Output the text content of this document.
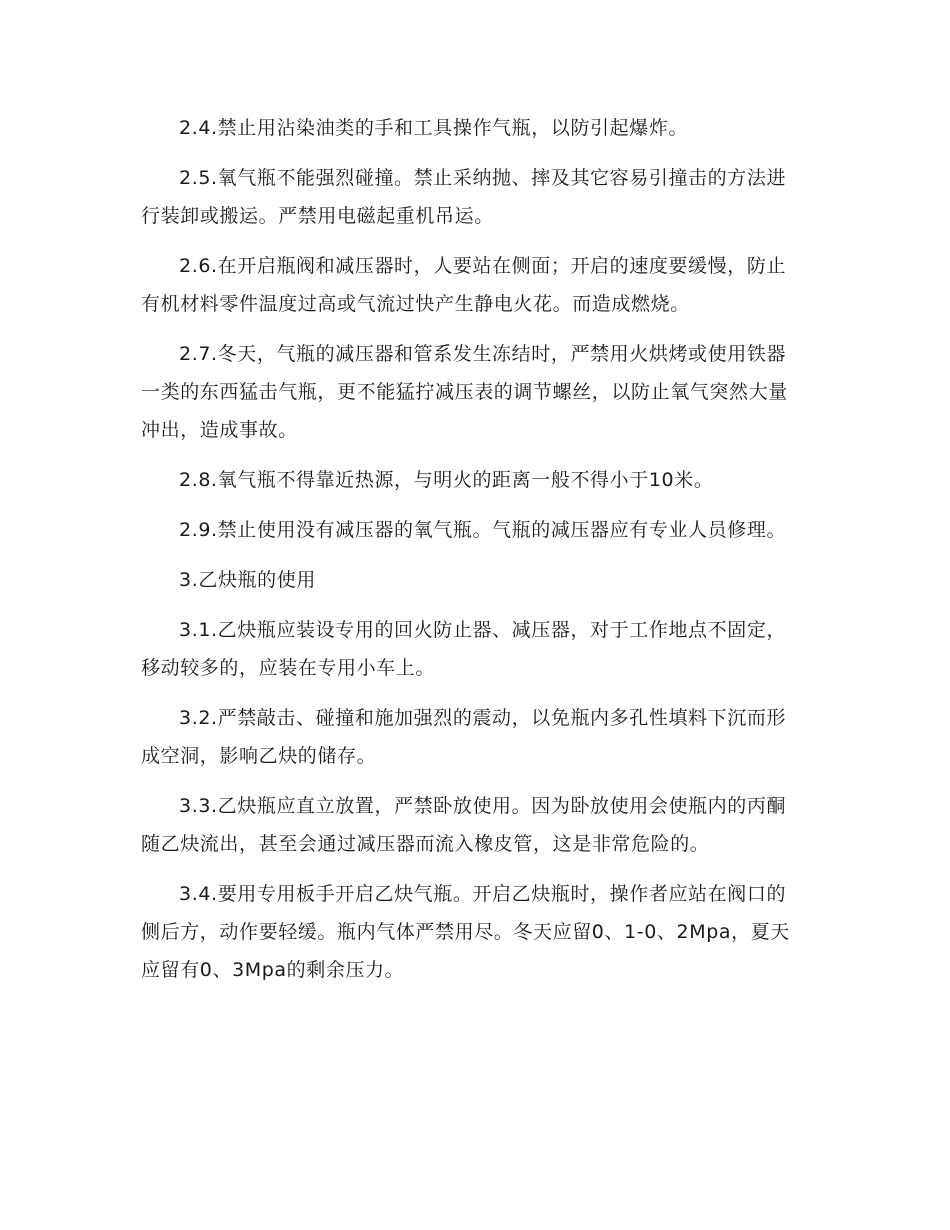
2.4.禁止用沾染油类的手和工具操作气瓶，以防引起爆炸。

2.5.氧气瓶不能强烈碰撞。禁止采纳抛、摔及其它容易引撞击的方法进行装卸或搬运。严禁用电磁起重机吊运。

2.6.在开启瓶阀和减压器时，人要站在侧面；开启的速度要缓慢，防止有机材料零件温度过高或气流过快产生静电火花。而造成燃烧。

2.7.冬天，气瓶的减压器和管系发生冻结时，严禁用火烘烤或使用铁器一类的东西猛击气瓶，更不能猛拧减压表的调节螺丝，以防止氧气突然大量冲出，造成事故。

2.8.氧气瓶不得靠近热源，与明火的距离一般不得小于10米。

2.9.禁止使用没有减压器的氧气瓶。气瓶的减压器应有专业人员修理。

3.乙炔瓶的使用

3.1.乙炔瓶应装设专用的回火防止器、减压器，对于工作地点不固定，移动较多的，应装在专用小车上。

3.2.严禁敲击、碰撞和施加强烈的震动，以免瓶内多孔性填料下沉而形成空洞，影响乙炔的储存。

3.3.乙炔瓶应直立放置，严禁卧放使用。因为卧放使用会使瓶内的丙酮随乙炔流出，甚至会通过减压器而流入橡皮管，这是非常危险的。

3.4.要用专用板手开启乙炔气瓶。开启乙炔瓶时，操作者应站在阀口的侧后方，动作要轻缓。瓶内气体严禁用尽。冬天应留0、1-0、2Mpa，夏天应留有0、3Mpa的剩余压力。
